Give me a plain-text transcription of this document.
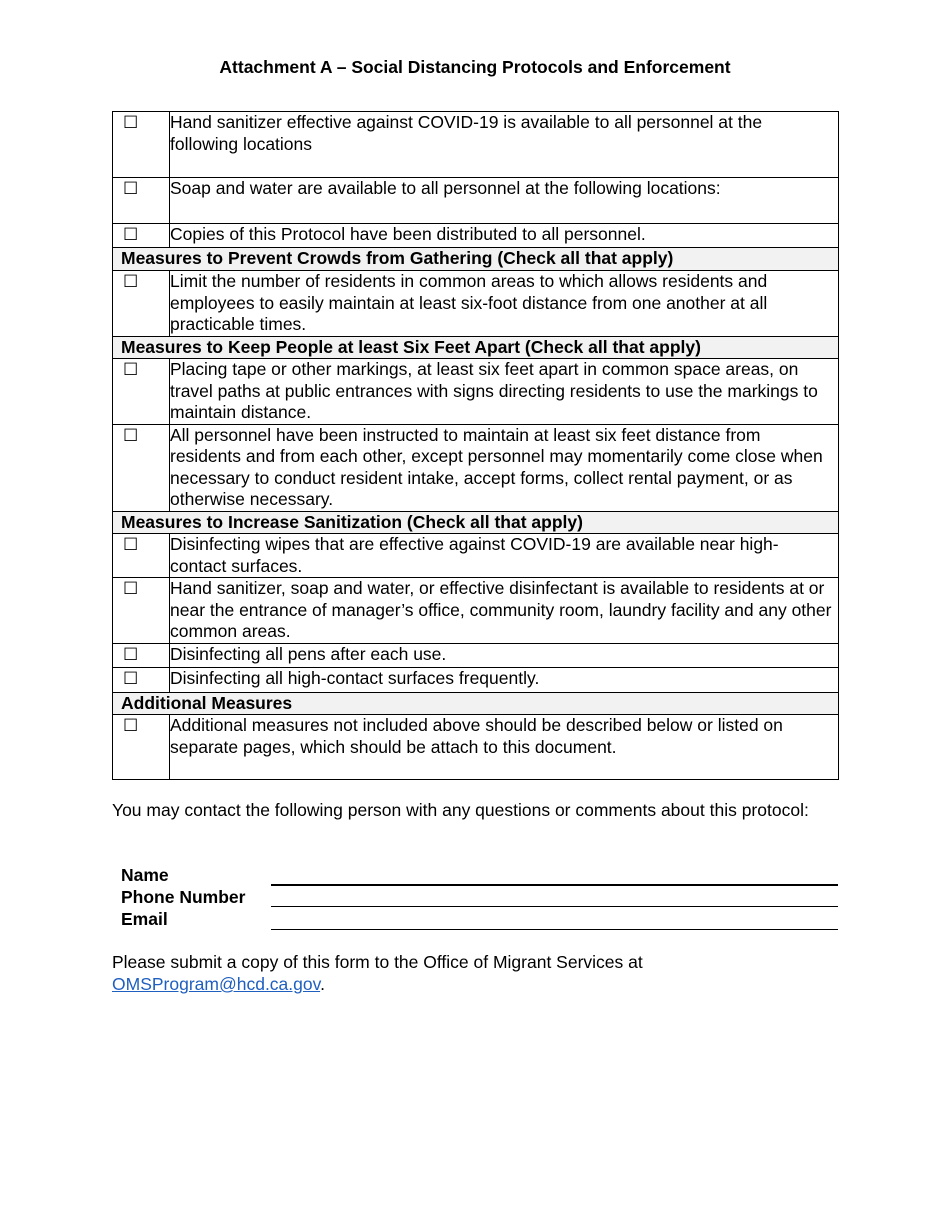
Attachment A – Social Distancing Protocols and Enforcement
☐	Hand sanitizer effective against COVID-19 is available to all personnel at the following locations
☐	Soap and water are available to all personnel at the following locations:
☐	Copies of this Protocol have been distributed to all personnel.
Measures to Prevent Crowds from Gathering (Check all that apply)	
☐	Limit the number of residents in common areas to which allows residents and employees to easily maintain at least six-foot distance from one another at all practicable times.
Measures to Keep People at least Six Feet Apart (Check all that apply)	
☐	Placing tape or other markings, at least six feet apart in common space areas, on travel paths at public entrances with signs directing residents to use the markings to maintain distance.
☐	All personnel have been instructed to maintain at least six feet distance from residents and from each other, except personnel may momentarily come close when necessary to conduct resident intake, accept forms, collect rental payment, or as otherwise necessary.
Measures to Increase Sanitization (Check all that apply)	
☐	Disinfecting wipes that are effective against COVID-19 are available near high-contact surfaces.
☐	Hand sanitizer, soap and water, or effective disinfectant is available to residents at or near the entrance of manager’s office, community room, laundry facility and any other common areas.
☐	Disinfecting all pens after each use.
☐	Disinfecting all high-contact surfaces frequently.
Additional Measures	
☐	Additional measures not included above should be described below or listed on separate pages, which should be attach to this document.
You may contact the following person with any questions or comments about this protocol:
Name
Phone Number
Email
Please submit a copy of this form to the Office of Migrant Services at
OMSProgram@hcd.ca.gov.
